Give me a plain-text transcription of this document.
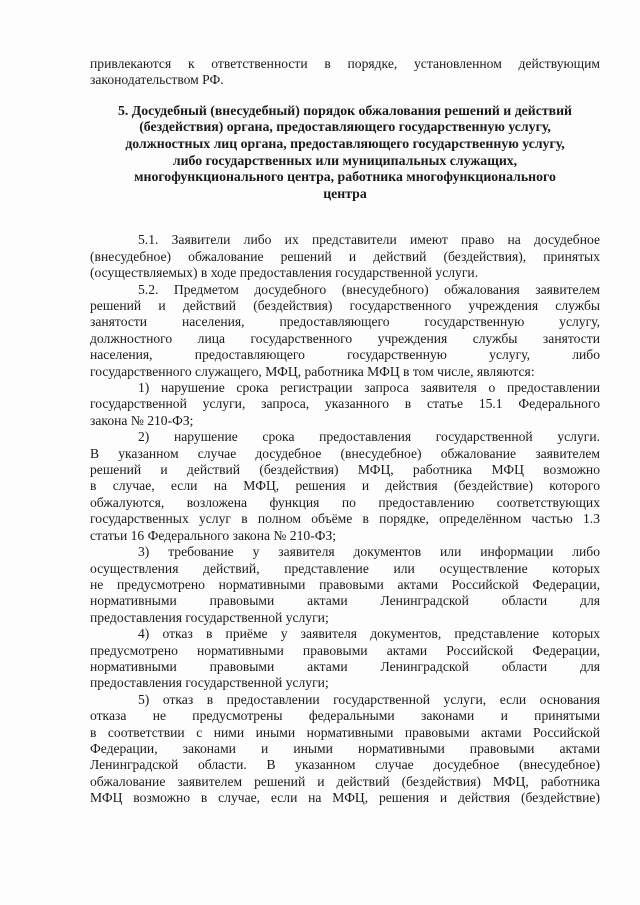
привлекаются к ответственности в порядке, установленном действующим
законодательством РФ.
5. Досудебный (внесудебный) порядок обжалования решений и действий
(бездействия) органа, предоставляющего государственную услугу,
должностных лиц органа, предоставляющего государственную услугу,
либо государственных или муниципальных служащих,
многофункционального центра, работника многофункционального
центра
5.1. Заявители либо их представители имеют право на досудебное
(внесудебное) обжалование решений и действий (бездействия), принятых
(осуществляемых) в ходе предоставления государственной услуги.
5.2. Предметом досудебного (внесудебного) обжалования заявителем
решений и действий (бездействия) государственного учреждения службы
занятости населения, предоставляющего государственную услугу,
должностного лица государственного учреждения службы занятости
населения, предоставляющего государственную услугу, либо
государственного служащего, МФЦ, работника МФЦ в том числе, являются:
1) нарушение срока регистрации запроса заявителя о предоставлении
государственной услуги, запроса, указанного в статье 15.1 Федерального
закона № 210-ФЗ;
2) нарушение срока предоставления государственной услуги.
В указанном случае досудебное (внесудебное) обжалование заявителем
решений и действий (бездействия) МФЦ, работника МФЦ возможно
в случае, если на МФЦ, решения и действия (бездействие) которого
обжалуются, возложена функция по предоставлению соответствующих
государственных услуг в полном объёме в порядке, определённом частью 1.3
статьи 16 Федерального закона № 210-ФЗ;
3) требование у заявителя документов или информации либо
осуществления действий, представление или осуществление которых
не предусмотрено нормативными правовыми актами Российской Федерации,
нормативными правовыми актами Ленинградской области для
предоставления государственной услуги;
4) отказ в приёме у заявителя документов, представление которых
предусмотрено нормативными правовыми актами Российской Федерации,
нормативными правовыми актами Ленинградской области для
предоставления государственной услуги;
5) отказ в предоставлении государственной услуги, если основания
отказа не предусмотрены федеральными законами и принятыми
в соответствии с ними иными нормативными правовыми актами Российской
Федерации, законами и иными нормативными правовыми актами
Ленинградской области. В указанном случае досудебное (внесудебное)
обжалование заявителем решений и действий (бездействия) МФЦ, работника
МФЦ возможно в случае, если на МФЦ, решения и действия (бездействие)
